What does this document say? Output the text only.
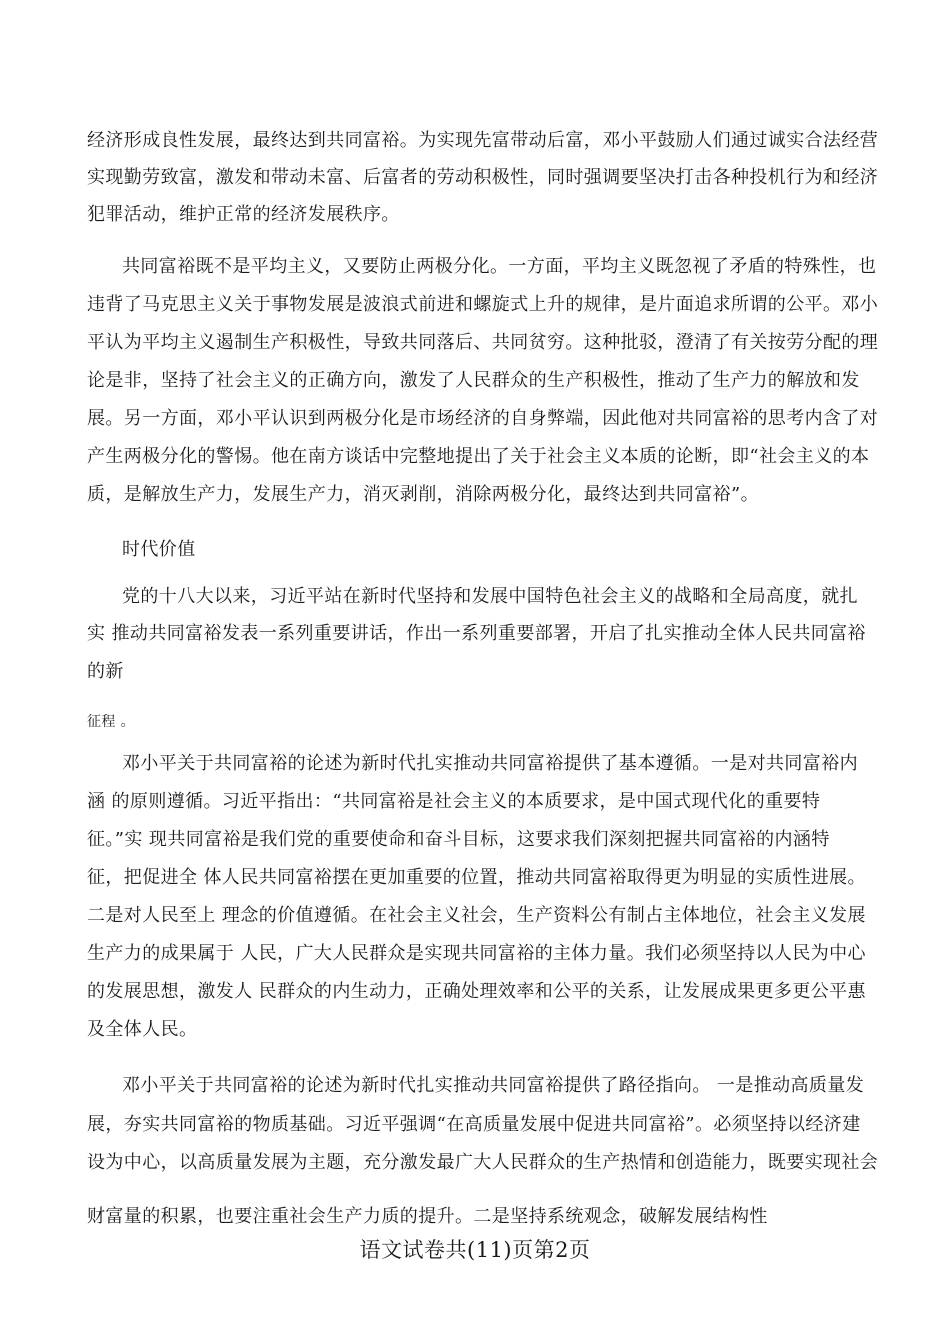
经济形成良性发展，最终达到共同富裕。为实现先富带动后富，邓小平鼓励人们通过诚实合法经营
实现勤劳致富，激发和带动未富、后富者的劳动积极性，同时强调要坚决打击各种投机行为和经济
犯罪活动，维护正常的经济发展秩序。
共同富裕既不是平均主义，又要防止两极分化。一方面，平均主义既忽视了矛盾的特殊性，也
违背了马克思主义关于事物发展是波浪式前进和螺旋式上升的规律，是片面追求所谓的公平。邓小
平认为平均主义遏制生产积极性，导致共同落后、共同贫穷。这种批驳，澄清了有关按劳分配的理
论是非，坚持了社会主义的正确方向，激发了人民群众的生产积极性，推动了生产力的解放和发
展。另一方面，邓小平认识到两极分化是市场经济的自身弊端，因此他对共同富裕的思考内含了对
产生两极分化的警惕。他在南方谈话中完整地提出了关于社会主义本质的论断，即“社会主义的本
质，是解放生产力，发展生产力，消灭剥削，消除两极分化，最终达到共同富裕”。
时代价值
党的十八大以来，习近平站在新时代坚持和发展中国特色社会主义的战略和全局高度，就扎
实 推动共同富裕发表一系列重要讲话，作出一系列重要部署，开启了扎实推动全体人民共同富裕
的新
征程 。
邓小平关于共同富裕的论述为新时代扎实推动共同富裕提供了基本遵循。一是对共同富裕内
涵 的原则遵循。习近平指出：“共同富裕是社会主义的本质要求，是中国式现代化的重要特
征。”实 现共同富裕是我们党的重要使命和奋斗目标，这要求我们深刻把握共同富裕的内涵特
征，把促进全 体人民共同富裕摆在更加重要的位置，推动共同富裕取得更为明显的实质性进展。
二是对人民至上 理念的价值遵循。在社会主义社会，生产资料公有制占主体地位，社会主义发展
生产力的成果属于 人民，广大人民群众是实现共同富裕的主体力量。我们必须坚持以人民为中心
的发展思想，激发人 民群众的内生动力，正确处理效率和公平的关系，让发展成果更多更公平惠
及全体人民。
邓小平关于共同富裕的论述为新时代扎实推动共同富裕提供了路径指向。 一是推动高质量发
展，夯实共同富裕的物质基础。习近平强调“在高质量发展中促进共同富裕”。必须坚持以经济建
设为中心，以高质量发展为主题，充分激发最广大人民群众的生产热情和创造能力，既要实现社会
财富量的积累，也要注重社会生产力质的提升。二是坚持系统观念，破解发展结构性
语文试卷共(11)页第2页
